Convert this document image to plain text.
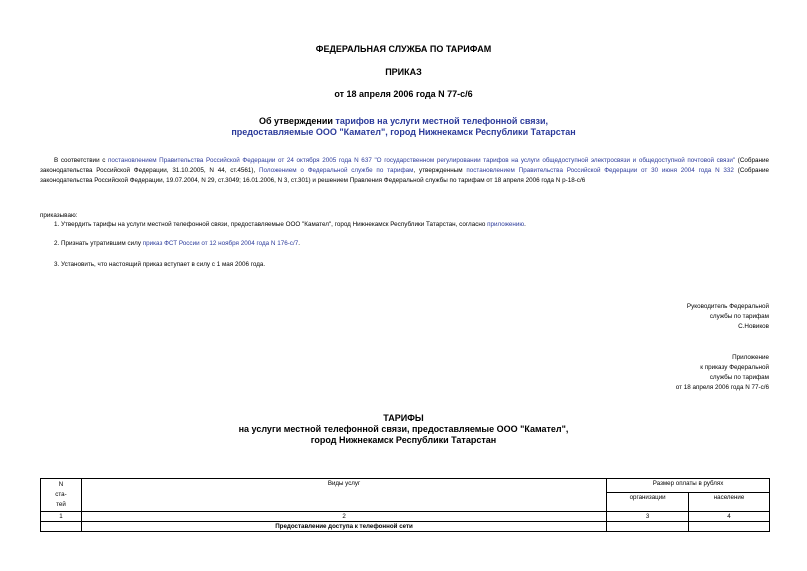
ФЕДЕРАЛЬНАЯ СЛУЖБА ПО ТАРИФАМ
ПРИКАЗ
от 18 апреля 2006 года N 77-с/6
Об утверждении тарифов на услуги местной телефонной связи,
предоставляемые ООО "Камател", город Нижнекамск Республики Татарстан
В соответствии с постановлением Правительства Российской Федерации от 24 октября 2005 года N 637 "О государственном регулировании тарифов на услуги общедоступной электросвязи и общедоступной почтовой связи" (Собрание законодательства Российской Федерации, 31.10.2005, N 44, ст.4561), Положением о Федеральной службе по тарифам, утвержденным постановлением Правительства Российской Федерации от 30 июня 2004 года N 332 (Собрание законодательства Российской Федерации, 19.07.2004, N 29, ст.3049; 16.01.2006, N 3, ст.301) и решением Правления Федеральной службы по тарифам от 18 апреля 2006 года N р-18-с/6
приказываю:
1. Утвердить тарифы на услуги местной телефонной связи, предоставляемые ООО "Камател", город Нижнекамск Республики Татарстан, согласно приложению.
2. Признать утратившим силу приказ ФСТ России от 12 ноября 2004 года N 176-с/7.
3. Установить, что настоящий приказ вступает в силу с 1 мая 2006 года.
Руководитель Федеральной
службы по тарифам
С.Новиков
Приложение
к приказу Федеральной
службы по тарифам
от 18 апреля 2006 года N 77-с/6
ТАРИФЫ
на услуги местной телефонной связи, предоставляемые ООО "Камател",
город Нижнекамск Республики Татарстан
N
ста-
тей	Виды услуг	Размер оплаты в рублях	
		организации	население
1	2	3	4
	Предоставление доступа к телефонной сети		
